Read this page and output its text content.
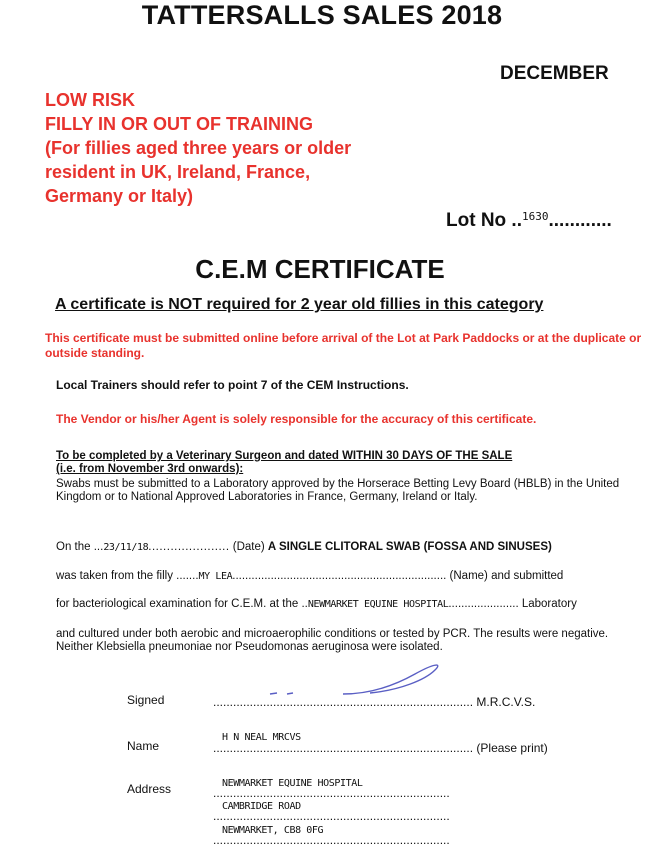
TATTERSALLS SALES 2018
DECEMBER
LOW RISK
FILLY IN OR OUT OF TRAINING
(For fillies aged three years or older
resident in UK, Ireland, France,
Germany or Italy)
Lot No ..$^{1630}$............
C.E.M CERTIFICATE
A certificate is NOT required for 2 year old fillies in this category
This certificate must be submitted online before arrival of the Lot at Park Paddocks or at the duplicate or outside standing.
Local Trainers should refer to point 7 of the CEM Instructions.
The Vendor or his/her Agent is solely responsible for the accuracy of this certificate.
To be completed by a Veterinary Surgeon and dated WITHIN 30 DAYS OF THE SALE
(i.e. from November 3rd onwards):
Swabs must be submitted to a Laboratory approved by the Horserace Betting Levy Board (HBLB) in the United Kingdom or to National Approved Laboratories in France, Germany, Ireland or Italy.
On the ...23/11/18...................... (Date) A SINGLE CLITORAL SWAB (FOSSA AND SINUSES)
was taken from the filly .......MY LEA................................................................... (Name) and submitted
for bacteriological examination for C.E.M. at the ..NEWMARKET EQUINE HOSPITAL...................... Laboratory
and cultured under both aerobic and microaerophilic conditions or tested by PCR. The results were negative. Neither Klebsiella pneumoniae nor Pseudomonas aeruginosa were isolated.
Signed	.............................................................................. M.R.C.V.S.
Name
H N NEAL MRCVS
.............................................................................. (Please print)
Address	NEWMARKET EQUINE HOSPITAL
.......................................................................
CAMBRIDGE ROAD
.......................................................................
NEWMARKET, CB8 0FG
.......................................................................
